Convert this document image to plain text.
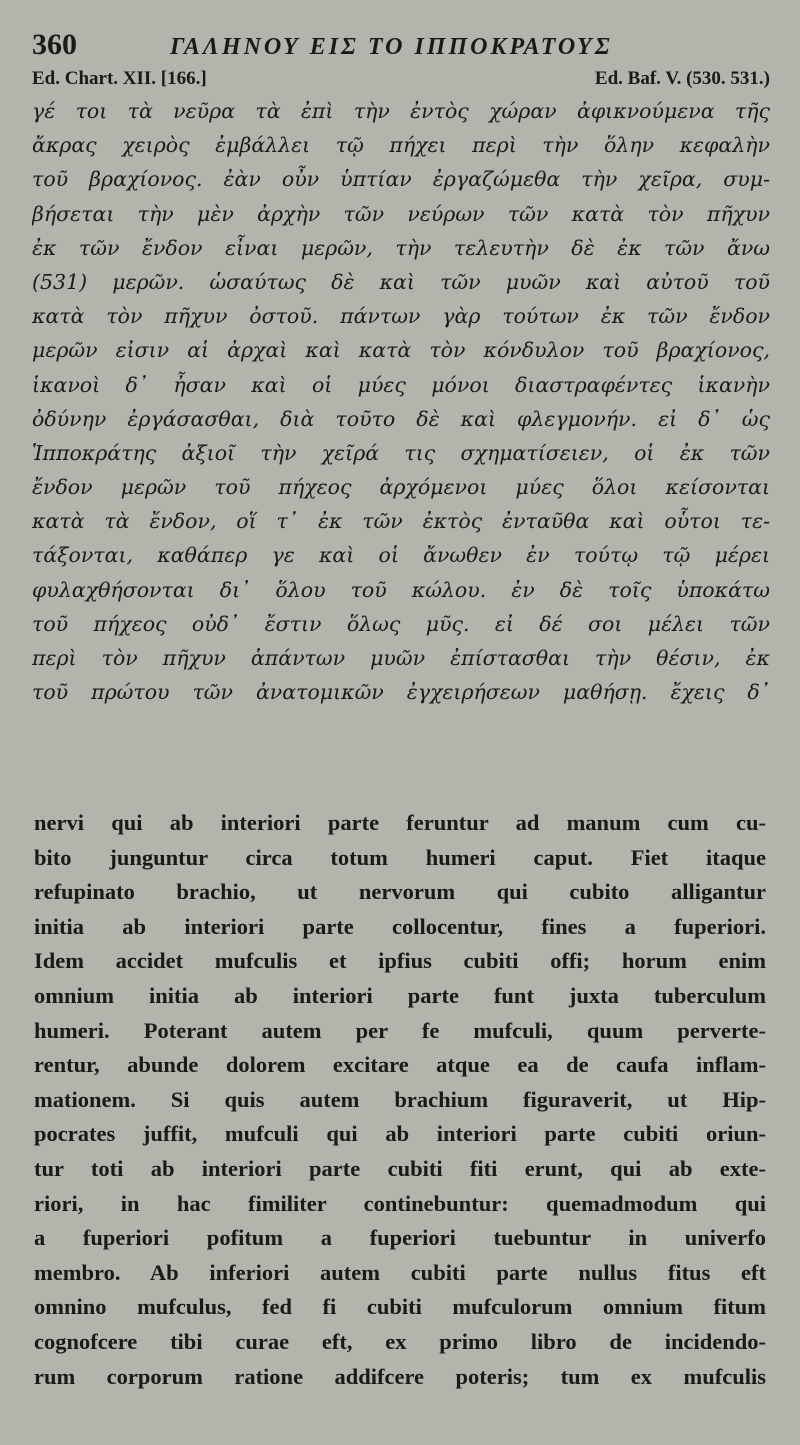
360	ΓΑΛΗΝΟΥ ΕΙΣ ΤΟ ΙΠΠΟΚΡΑΤΟΥΣ
Ed. Chart. XII. [166.]	Ed. Baf. V. (530. 531.)
γέ τοι τὰ νεῦρα τὰ ἐπὶ τὴν ἐντὸς χώραν ἀφικνούμενα τῆς
ἄκρας χειρὸς ἐμβάλλει τῷ πήχει περὶ τὴν ὅλην κεφαλὴν
τοῦ βραχίονος. ἐὰν οὖν ὑπτίαν ἐργαζώμεθα τὴν χεῖρα, συμ-
βήσεται τὴν μὲν ἀρχὴν τῶν νεύρων τῶν κατὰ τὸν πῆχυν
ἐκ τῶν ἔνδον εἶναι μερῶν, τὴν τελευτὴν δὲ ἐκ τῶν ἄνω
(531) μερῶν. ὡσαύτως δὲ καὶ τῶν μυῶν καὶ αὐτοῦ τοῦ
κατὰ τὸν πῆχυν ὀστοῦ. πάντων γὰρ τούτων ἐκ τῶν ἔνδον
μερῶν εἰσιν αἱ ἀρχαὶ καὶ κατὰ τὸν κόνδυλον τοῦ βραχίονος,
ἱκανοὶ δ᾽ ἦσαν καὶ οἱ μύες μόνοι διαστραφέντες ἱκανὴν
ὀδύνην ἐργάσασθαι, διὰ τοῦτο δὲ καὶ φλεγμονήν. εἰ δ᾽ ὡς
Ἱπποκράτης ἀξιοῖ τὴν χεῖρά τις σχηματίσειεν, οἱ ἐκ τῶν
ἔνδον μερῶν τοῦ πήχεος ἀρχόμενοι μύες ὅλοι κείσονται
κατὰ τὰ ἔνδον, οἵ τ᾽ ἐκ τῶν ἐκτὸς ἐνταῦθα καὶ οὗτοι τε-
τάξονται, καθάπερ γε καὶ οἱ ἄνωθεν ἐν τούτῳ τῷ μέρει
φυλαχθήσονται δι᾽ ὅλου τοῦ κώλου. ἐν δὲ τοῖς ὑποκάτω
τοῦ πήχεος οὐδ᾽ ἔστιν ὅλως μῦς. εἰ δέ σοι μέλει τῶν
περὶ τὸν πῆχυν ἁπάντων μυῶν ἐπίστασθαι τὴν θέσιν, ἐκ
τοῦ πρώτου τῶν ἀνατομικῶν ἐγχειρήσεων μαθήσῃ. ἔχεις δ᾽
nervi qui ab interiori parte feruntur ad manum cum cu-
bito junguntur circa totum humeri caput. Fiet itaque
refupinato brachio, ut nervorum qui cubito alligantur
initia ab interiori parte collocentur, fines a fuperiori.
Idem accidet mufculis et ipfius cubiti offi; horum enim
omnium initia ab interiori parte funt juxta tuberculum
humeri. Poterant autem per fe mufculi, quum perverte-
rentur, abunde dolorem excitare atque ea de caufa inflam-
mationem. Si quis autem brachium figuraverit, ut Hip-
pocrates juffit, mufculi qui ab interiori parte cubiti oriun-
tur toti ab interiori parte cubiti fiti erunt, qui ab exte-
riori, in hac fimiliter continebuntur: quemadmodum qui
a fuperiori pofitum a fuperiori tuebuntur in univerfo
membro. Ab inferiori autem cubiti parte nullus fitus eft
omnino mufculus, fed fi cubiti mufculorum omnium fitum
cognofcere tibi curae eft, ex primo libro de incidendo-
rum corporum ratione addifcere poteris; tum ex mufculis
